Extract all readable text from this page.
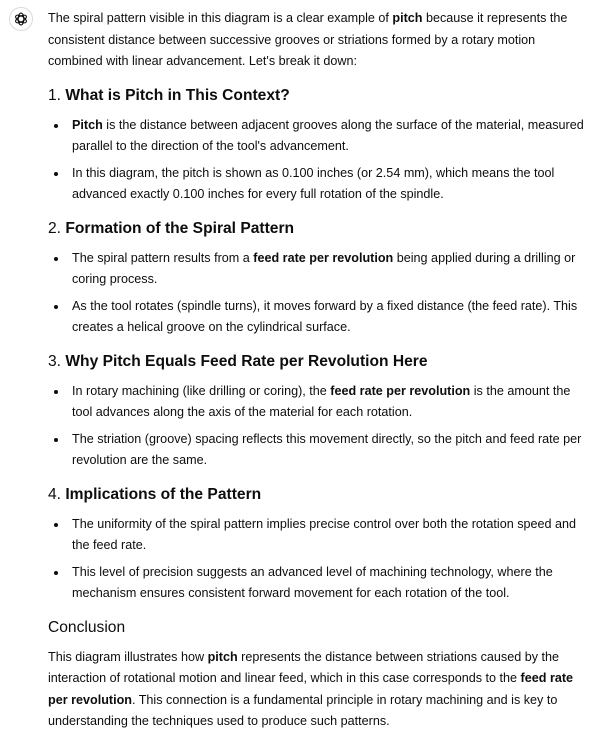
The spiral pattern visible in this diagram is a clear example of pitch because it represents the consistent distance between successive grooves or striations formed by a rotary motion combined with linear advancement. Let's break it down:

1. What is Pitch in This Context?
Pitch is the distance between adjacent grooves along the surface of the material, measured parallel to the direction of the tool's advancement.
In this diagram, the pitch is shown as 0.100 inches (or 2.54 mm), which means the tool advanced exactly 0.100 inches for every full rotation of the spindle.
2. Formation of the Spiral Pattern
The spiral pattern results from a feed rate per revolution being applied during a drilling or coring process.
As the tool rotates (spindle turns), it moves forward by a fixed distance (the feed rate). This creates a helical groove on the cylindrical surface.
3. Why Pitch Equals Feed Rate per Revolution Here
In rotary machining (like drilling or coring), the feed rate per revolution is the amount the tool advances along the axis of the material for each rotation.
The striation (groove) spacing reflects this movement directly, so the pitch and feed rate per revolution are the same.
4. Implications of the Pattern
The uniformity of the spiral pattern implies precise control over both the rotation speed and the feed rate.
This level of precision suggests an advanced level of machining technology, where the mechanism ensures consistent forward movement for each rotation of the tool.
Conclusion

This diagram illustrates how pitch represents the distance between striations caused by the interaction of rotational motion and linear feed, which in this case corresponds to the feed rate per revolution. This connection is a fundamental principle in rotary machining and is key to understanding the techniques used to produce such patterns.
